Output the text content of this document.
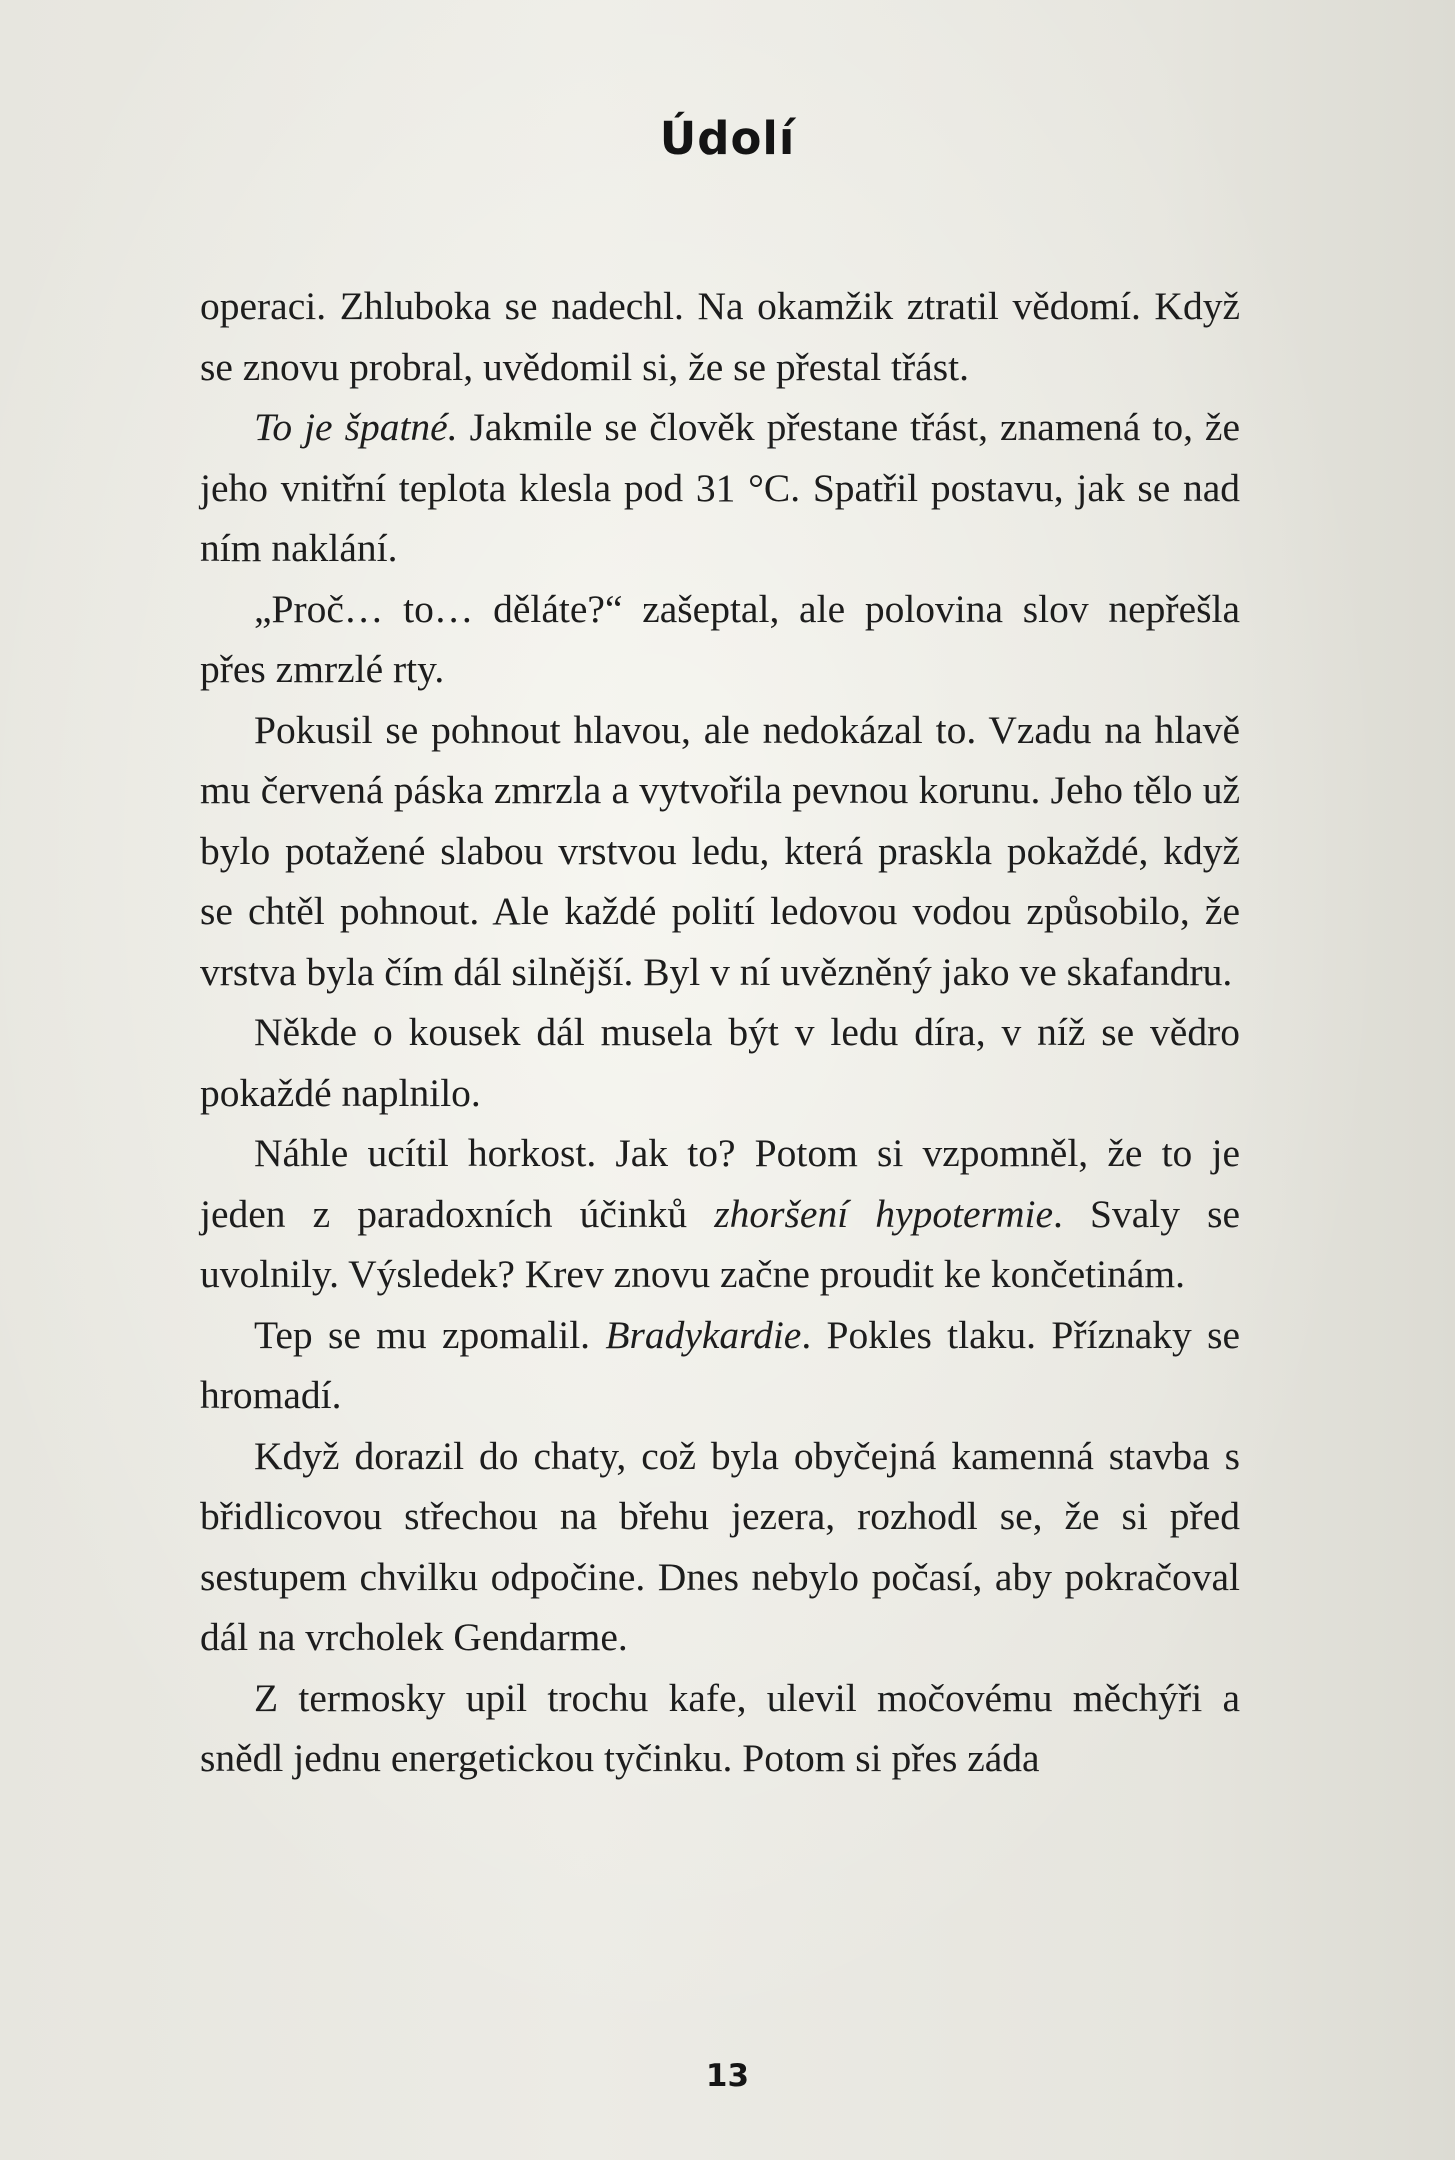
Údolí

operaci. Zhluboka se nadechl. Na okamžik ztratil vědomí. Když se znovu probral, uvědomil si, že se přestal třást.

To je špatné. Jakmile se člověk přestane třást, znamená to, že jeho vnitřní teplota klesla pod 31 °C. Spatřil postavu, jak se nad ním naklání.

„Proč… to… děláte?“ zašeptal, ale polovina slov nepřešla přes zmrzlé rty.

Pokusil se pohnout hlavou, ale nedokázal to. Vzadu na hlavě mu červená páska zmrzla a vytvořila pevnou korunu. Jeho tělo už bylo potažené slabou vrstvou ledu, která praskla pokaždé, když se chtěl pohnout. Ale každé polití ledovou vodou způsobilo, že vrstva byla čím dál silnější. Byl v ní uvězněný jako ve skafandru.

Někde o kousek dál musela být v ledu díra, v níž se vědro pokaždé naplnilo.

Náhle ucítil horkost. Jak to? Potom si vzpomněl, že to je jeden z paradoxních účinků zhoršení hypotermie. Svaly se uvolnily. Výsledek? Krev znovu začne proudit ke končetinám.

Tep se mu zpomalil. Bradykardie. Pokles tlaku. Příznaky se hromadí.

Když dorazil do chaty, což byla obyčejná kamenná stavba s břidlicovou střechou na břehu jezera, rozhodl se, že si před sestupem chvilku odpočine. Dnes nebylo počasí, aby pokračoval dál na vrcholek Gendarme.

Z termosky upil trochu kafe, ulevil močovému měchýři a snědl jednu energetickou tyčinku. Potom si přes záda

13
